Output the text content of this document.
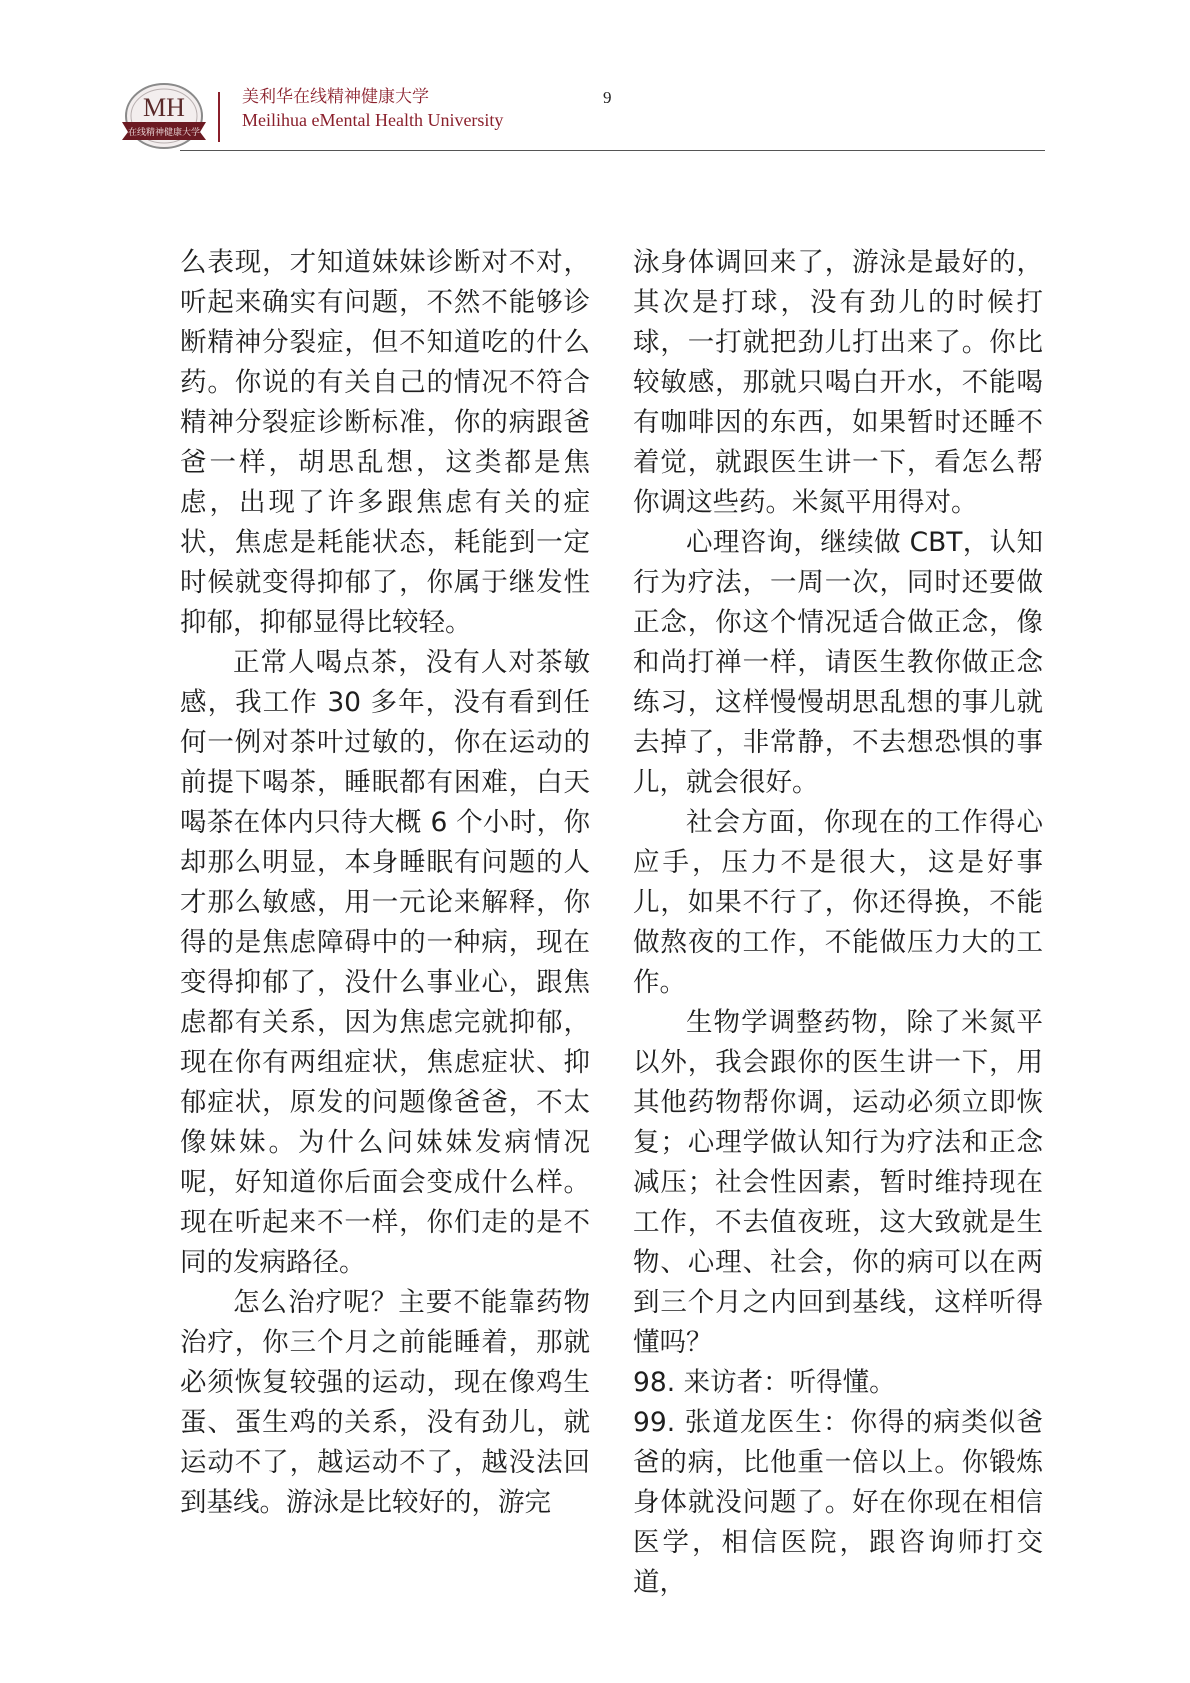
MH
在线精神健康大学
美利华在线精神健康大学
Meilihua eMental Health University
9

么表现，才知道妹妹诊断对不对，听起来确实有问题，不然不能够诊断精神分裂症，但不知道吃的什么药。你说的有关自己的情况不符合精神分裂症诊断标准，你的病跟爸爸一样，胡思乱想，这类都是焦虑，出现了许多跟焦虑有关的症状，焦虑是耗能状态，耗能到一定时候就变得抑郁了，你属于继发性抑郁，抑郁显得比较轻。

正常人喝点茶，没有人对茶敏感，我工作 30 多年，没有看到任何一例对茶叶过敏的，你在运动的前提下喝茶，睡眠都有困难，白天喝茶在体内只待大概 6 个小时，你却那么明显，本身睡眠有问题的人才那么敏感，用一元论来解释，你得的是焦虑障碍中的一种病，现在变得抑郁了，没什么事业心，跟焦虑都有关系，因为焦虑完就抑郁，现在你有两组症状，焦虑症状、抑郁症状，原发的问题像爸爸，不太像妹妹。为什么问妹妹发病情况呢，好知道你后面会变成什么样。现在听起来不一样，你们走的是不同的发病路径。

怎么治疗呢？主要不能靠药物治疗，你三个月之前能睡着，那就必须恢复较强的运动，现在像鸡生蛋、蛋生鸡的关系，没有劲儿，就运动不了，越运动不了，越没法回到基线。游泳是比较好的，游完

泳身体调回来了，游泳是最好的，其次是打球，没有劲儿的时候打球，一打就把劲儿打出来了。你比较敏感，那就只喝白开水，不能喝有咖啡因的东西，如果暂时还睡不着觉，就跟医生讲一下，看怎么帮你调这些药。米氮平用得对。

心理咨询，继续做 CBT，认知行为疗法，一周一次，同时还要做正念，你这个情况适合做正念，像和尚打禅一样，请医生教你做正念练习，这样慢慢胡思乱想的事儿就去掉了，非常静，不去想恐惧的事儿，就会很好。

社会方面，你现在的工作得心应手，压力不是很大，这是好事儿，如果不行了，你还得换，不能做熬夜的工作，不能做压力大的工作。

生物学调整药物，除了米氮平以外，我会跟你的医生讲一下，用其他药物帮你调，运动必须立即恢复；心理学做认知行为疗法和正念减压；社会性因素，暂时维持现在工作，不去值夜班，这大致就是生物、心理、社会，你的病可以在两到三个月之内回到基线，这样听得懂吗？

98. 来访者：听得懂。

99. 张道龙医生：你得的病类似爸爸的病，比他重一倍以上。你锻炼身体就没问题了。好在你现在相信医学，相信医院，跟咨询师打交道，
